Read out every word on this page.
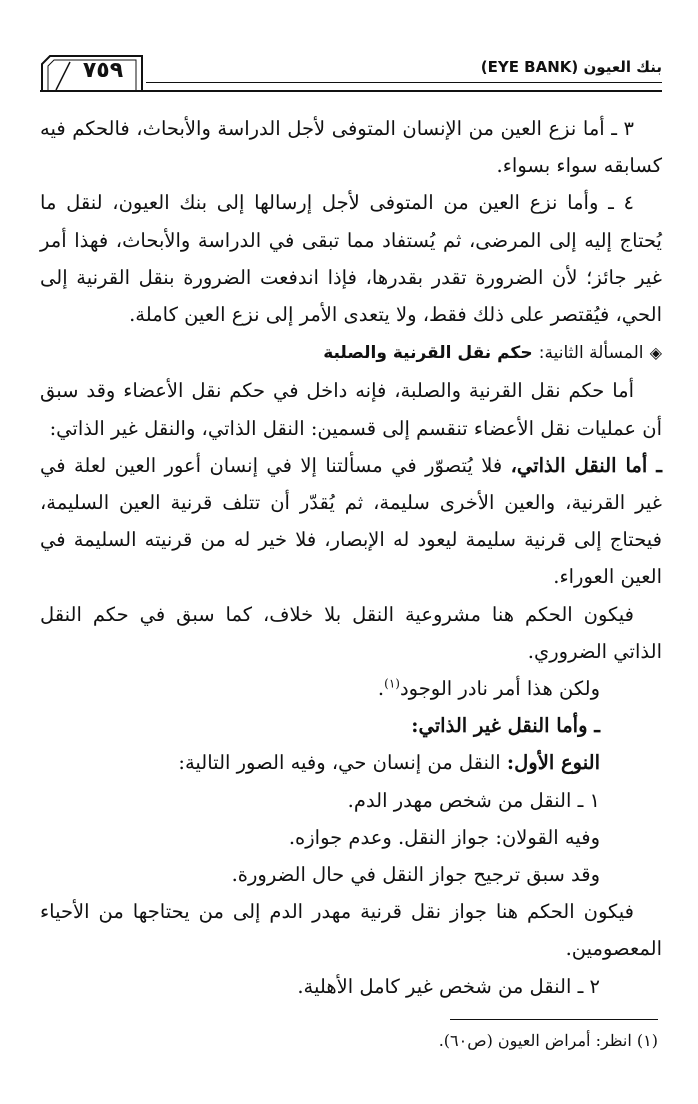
٧٥٩	بنك العيون (EYE BANK)

٣ ـ أما نزع العين من الإنسان المتوفى لأجل الدراسة والأبحاث، فالحكم فيه كسابقه سواء بسواء.

٤ ـ وأما نزع العين من المتوفى لأجل إرسالها إلى بنك العيون، لنقل ما يُحتاج إليه إلى المرضى، ثم يُستفاد مما تبقى في الدراسة والأبحاث، فهذا أمر غير جائز؛ لأن الضرورة تقدر بقدرها، فإذا اندفعت الضرورة بنقل القرنية إلى الحي، فيُقتصر على ذلك فقط، ولا يتعدى الأمر إلى نزع العين كاملة.

◈ المسألة الثانية: حكم نقل القرنية والصلبة

أما حكم نقل القرنية والصلبة، فإنه داخل في حكم نقل الأعضاء وقد سبق أن عمليات نقل الأعضاء تنقسم إلى قسمين: النقل الذاتي، والنقل غير الذاتي:

ـ أما النقل الذاتي، فلا يُتصوّر في مسألتنا إلا في إنسان أعور العين لعلة في غير القرنية، والعين الأخرى سليمة، ثم يُقدّر أن تتلف قرنية العين السليمة، فيحتاج إلى قرنية سليمة ليعود له الإبصار، فلا خير له من قرنيته السليمة في العين العوراء.

فيكون الحكم هنا مشروعية النقل بلا خلاف، كما سبق في حكم النقل الذاتي الضروري.

ولكن هذا أمر نادر الوجود$^{(١)}$.

ـ وأما النقل غير الذاتي:

النوع الأول: النقل من إنسان حي، وفيه الصور التالية:

١ ـ النقل من شخص مهدر الدم.

وفيه القولان: جواز النقل. وعدم جوازه.

وقد سبق ترجيح جواز النقل في حال الضرورة.

فيكون الحكم هنا جواز نقل قرنية مهدر الدم إلى من يحتاجها من الأحياء المعصومين.

٢ ـ النقل من شخص غير كامل الأهلية.

(١) انظر: أمراض العيون (ص٦٠).
